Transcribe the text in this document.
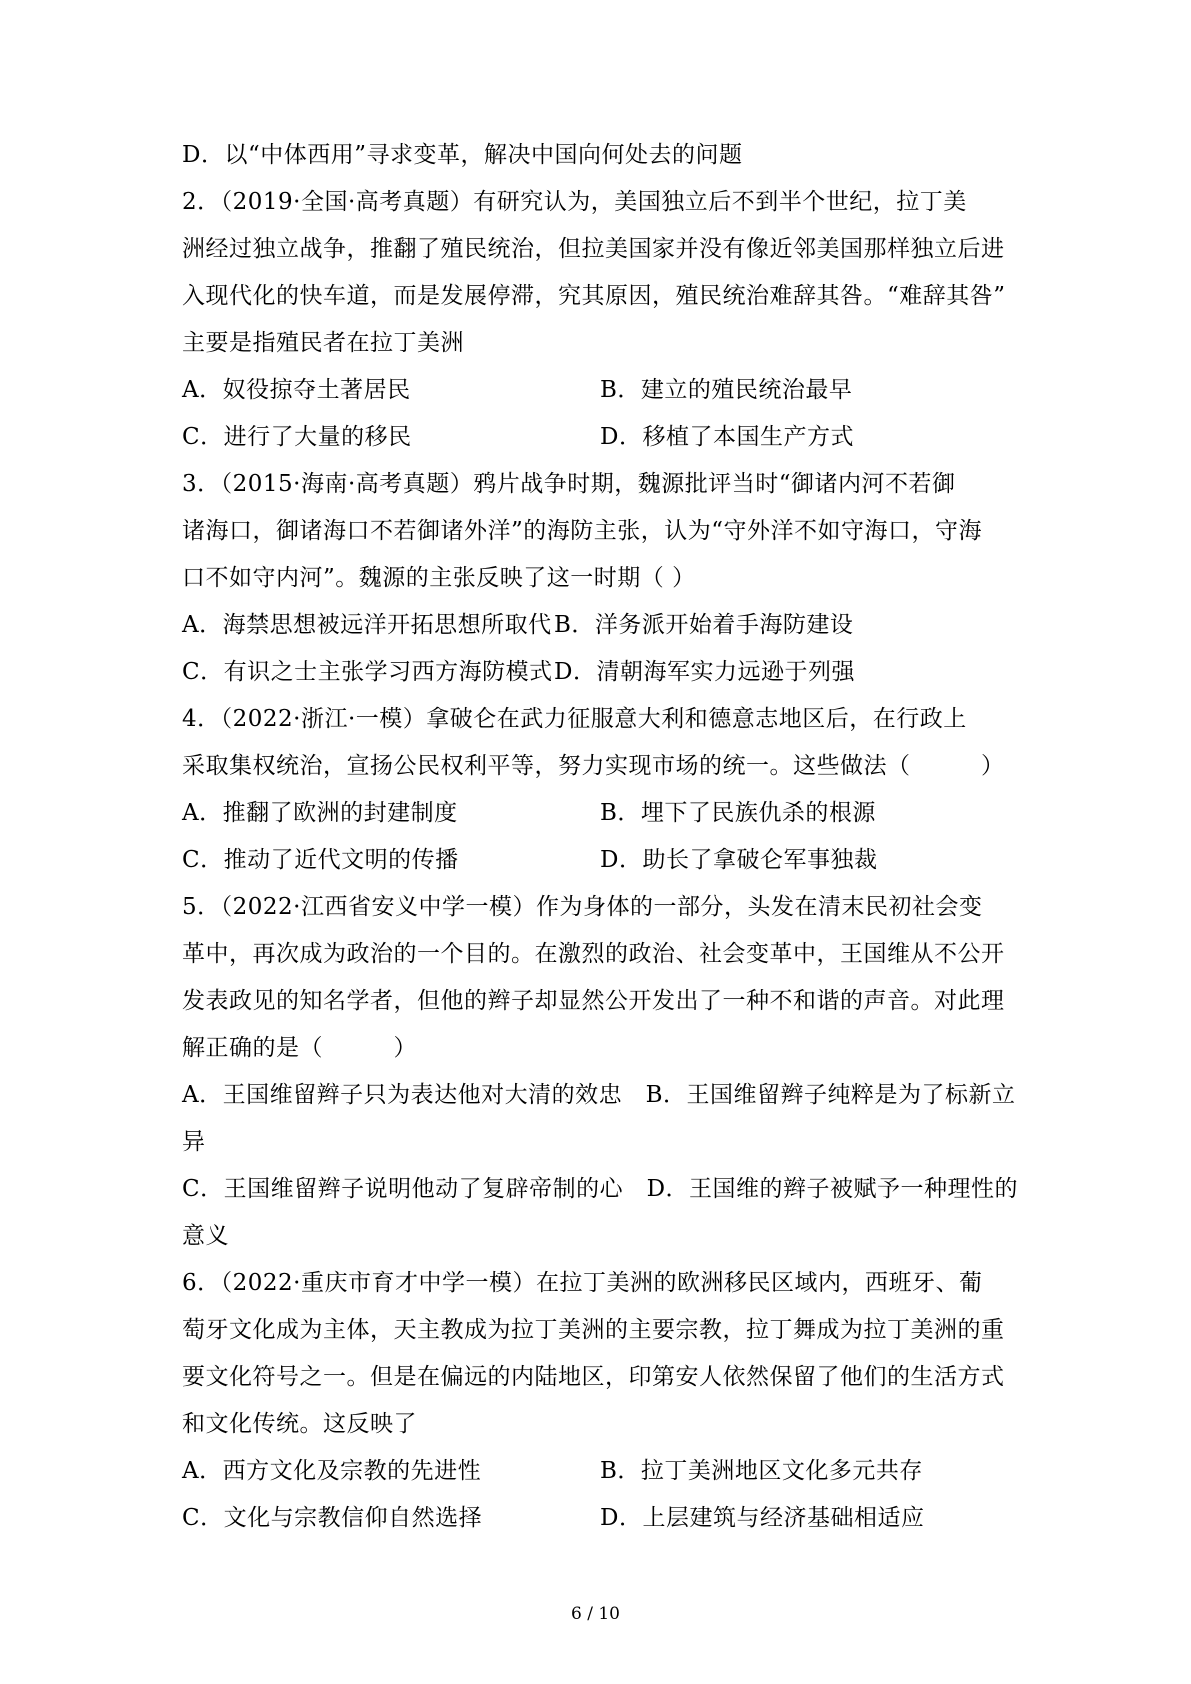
D．以“中体西用”寻求变革，解决中国向何处去的问题
2．（2019·全国·高考真题）有研究认为，美国独立后不到半个世纪，拉丁美
洲经过独立战争，推翻了殖民统治，但拉美国家并没有像近邻美国那样独立后进
入现代化的快车道，而是发展停滞，究其原因，殖民统治难辞其咎。“难辞其咎”
主要是指殖民者在拉丁美洲
A．奴役掠夺土著居民	B．建立的殖民统治最早
C．进行了大量的移民	D．移植了本国生产方式
3．（2015·海南·高考真题）鸦片战争时期，魏源批评当时“御诸内河不若御
诸海口，御诸海口不若御诸外洋”的海防主张，认为“守外洋不如守海口，守海
口不如守内河”。魏源的主张反映了这一时期（ ）
A．海禁思想被远洋开拓思想所取代 B．洋务派开始着手海防建设
C．有识之士主张学习西方海防模式 D．清朝海军实力远逊于列强
4．（2022·浙江·一模）拿破仑在武力征服意大利和德意志地区后，在行政上
采取集权统治，宣扬公民权利平等，努力实现市场的统一。这些做法（　　　）
A．推翻了欧洲的封建制度	B．埋下了民族仇杀的根源
C．推动了近代文明的传播	D．助长了拿破仑军事独裁
5．（2022·江西省安义中学一模）作为身体的一部分，头发在清末民初社会变
革中，再次成为政治的一个目的。在激烈的政治、社会变革中，王国维从不公开
发表政见的知名学者，但他的辫子却显然公开发出了一种不和谐的声音。对此理
解正确的是（　　　）
A．王国维留辫子只为表达他对大清的效忠　B．王国维留辫子纯粹是为了标新立
异
C．王国维留辫子说明他动了复辟帝制的心　D．王国维的辫子被赋予一种理性的
意义
6．（2022·重庆市育才中学一模）在拉丁美洲的欧洲移民区域内，西班牙、葡
萄牙文化成为主体，天主教成为拉丁美洲的主要宗教，拉丁舞成为拉丁美洲的重
要文化符号之一。但是在偏远的内陆地区，印第安人依然保留了他们的生活方式
和文化传统。这反映了
A．西方文化及宗教的先进性	B．拉丁美洲地区文化多元共存
C．文化与宗教信仰自然选择	D．上层建筑与经济基础相适应
6 / 10
